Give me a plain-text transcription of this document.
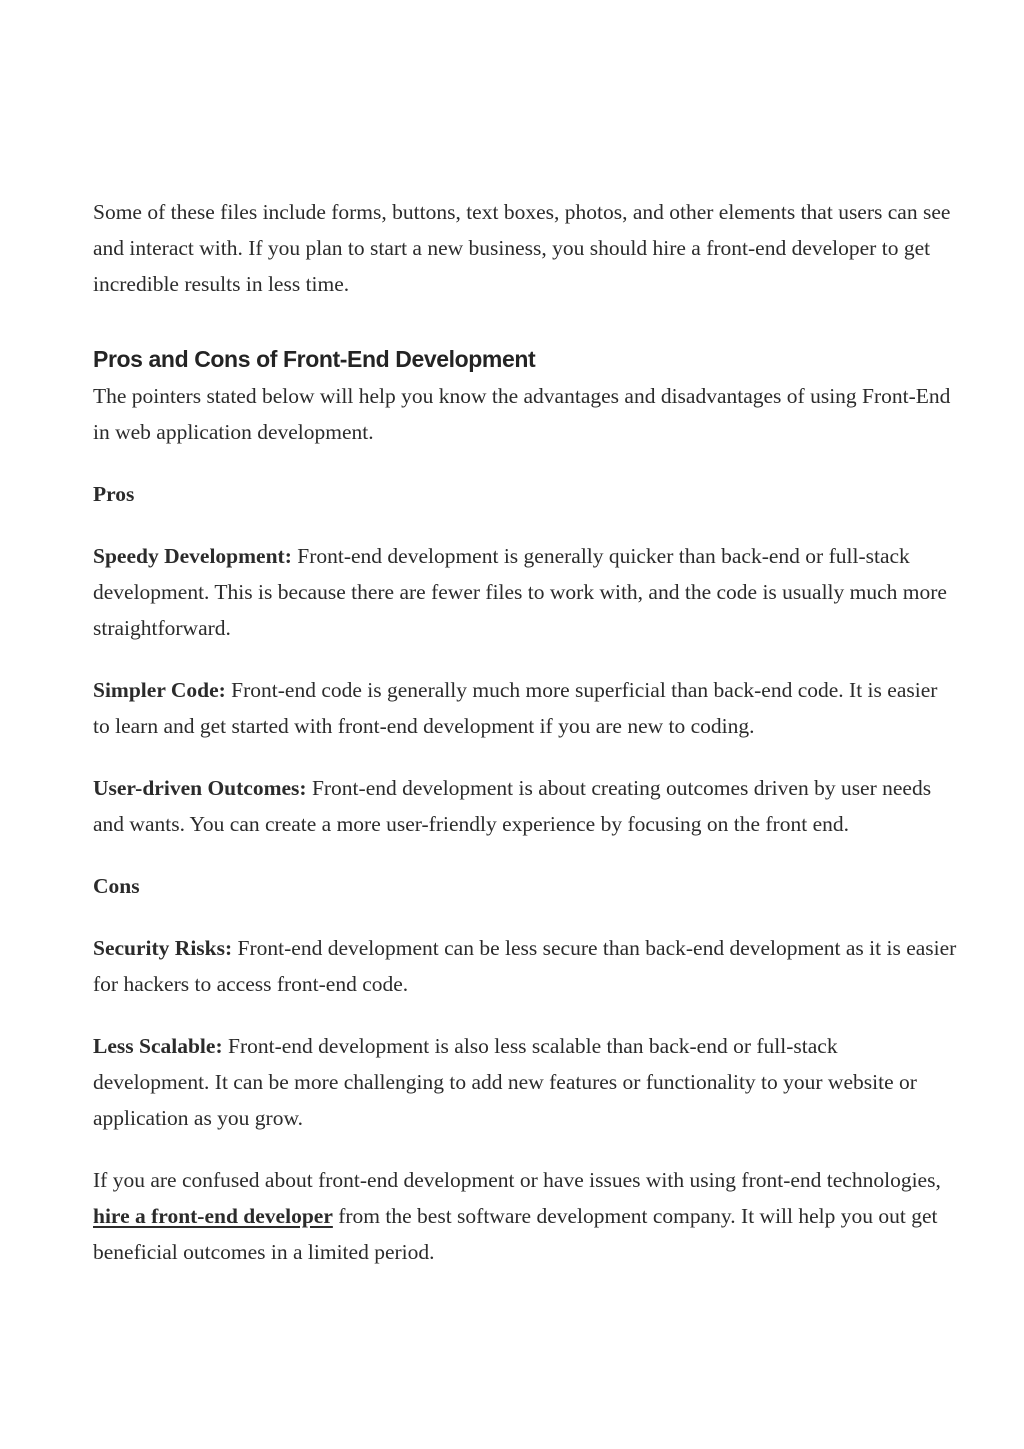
Some of these files include forms, buttons, text boxes, photos, and other elements that users can see and interact with. If you plan to start a new business, you should hire a front-end developer to get incredible results in less time.

Pros and Cons of Front-End Development

The pointers stated below will help you know the advantages and disadvantages of using Front-End in web application development.

Pros

Speedy Development: Front-end development is generally quicker than back-end or full-stack development. This is because there are fewer files to work with, and the code is usually much more straightforward.

Simpler Code: Front-end code is generally much more superficial than back-end code. It is easier to learn and get started with front-end development if you are new to coding.

User-driven Outcomes: Front-end development is about creating outcomes driven by user needs and wants. You can create a more user-friendly experience by focusing on the front end.

Cons

Security Risks: Front-end development can be less secure than back-end development as it is easier for hackers to access front-end code.

Less Scalable: Front-end development is also less scalable than back-end or full-stack development. It can be more challenging to add new features or functionality to your website or application as you grow.

If you are confused about front-end development or have issues with using front-end technologies, hire a front-end developer from the best software development company. It will help you out get beneficial outcomes in a limited period.
